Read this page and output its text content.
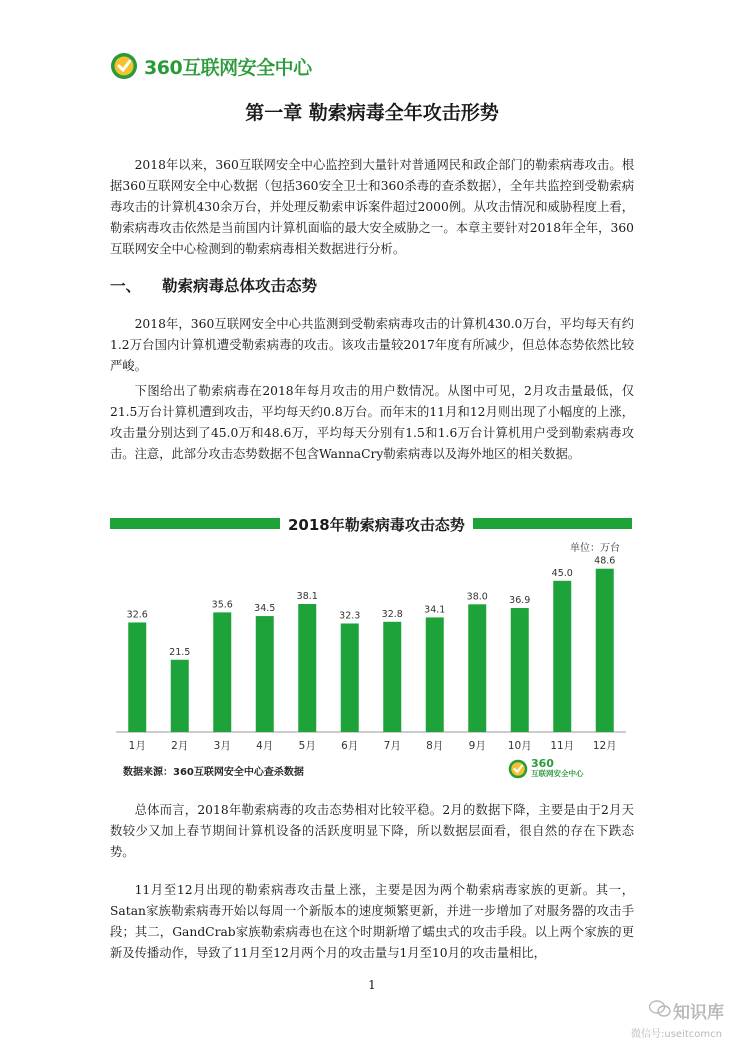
360互联网安全中心
第一章 勒索病毒全年攻击形势

2018年以来，360互联网安全中心监控到大量针对普通网民和政企部门的勒索病毒攻击。根据360互联网安全中心数据（包括360安全卫士和360杀毒的查杀数据），全年共监控到受勒索病毒攻击的计算机430余万台，并处理反勒索申诉案件超过2000例。从攻击情况和威胁程度上看，勒索病毒攻击依然是当前国内计算机面临的最大安全威胁之一。本章主要针对2018年全年，360互联网安全中心检测到的勒索病毒相关数据进行分析。

一、 勒索病毒总体攻击态势

2018年，360互联网安全中心共监测到受勒索病毒攻击的计算机430.0万台，平均每天有约1.2万台国内计算机遭受勒索病毒的攻击。该攻击量较2017年度有所减少，但总体态势依然比较严峻。

下图给出了勒索病毒在2018年每月攻击的用户数情况。从图中可见，2月攻击量最低，仅21.5万台计算机遭到攻击，平均每天约0.8万台。而年末的11月和12月则出现了小幅度的上涨，攻击量分别达到了45.0万和48.6万，平均每天分别有1.5和1.6万台计算机用户受到勒索病毒攻击。注意，此部分攻击态势数据不包含WannaCry勒索病毒以及海外地区的相关数据。

2018年勒索病毒攻击态势
单位：万台
32.6
1月
21.5
2月
35.6
3月
34.5
4月
38.1
5月
32.3
6月
32.8
7月
34.1
8月
38.0
9月
36.9
10月
45.0
11月
48.6
12月
数据来源：360互联网安全中心查杀数据
360
互联网安全中心

总体而言，2018年勒索病毒的攻击态势相对比较平稳。2月的数据下降，主要是由于2月天数较少又加上春节期间计算机设备的活跃度明显下降，所以数据层面看，很自然的存在下跌态势。

11月至12月出现的勒索病毒攻击量上涨，主要是因为两个勒索病毒家族的更新。其一，Satan家族勒索病毒开始以每周一个新版本的速度频繁更新，并进一步增加了对服务器的攻击手段；其二，GandCrab家族勒索病毒也在这个时期新增了蠕虫式的攻击手段。以上两个家族的更新及传播动作，导致了11月至12月两个月的攻击量与1月至10月的攻击量相比，

1
知识库
微信号:useitcomcn
